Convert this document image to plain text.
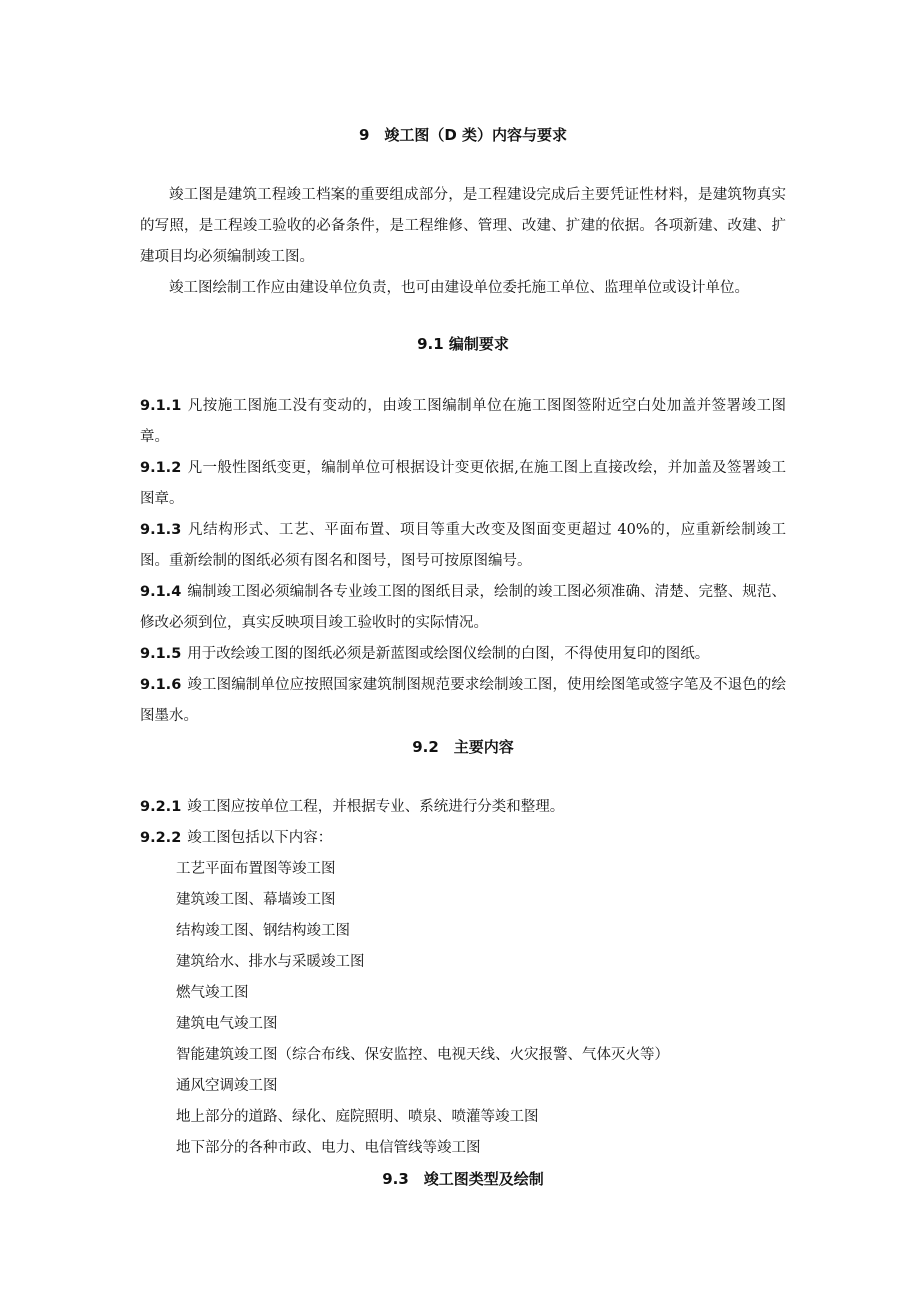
9　竣工图（D 类）内容与要求

竣工图是建筑工程竣工档案的重要组成部分，是工程建设完成后主要凭证性材料，是建筑物真实的写照，是工程竣工验收的必备条件，是工程维修、管理、改建、扩建的依据。各项新建、改建、扩建项目均必须编制竣工图。

竣工图绘制工作应由建设单位负责，也可由建设单位委托施工单位、监理单位或设计单位。

9.1 编制要求

9.1.1 凡按施工图施工没有变动的，由竣工图编制单位在施工图图签附近空白处加盖并签署竣工图章。

9.1.2 凡一般性图纸变更，编制单位可根据设计变更依据,在施工图上直接改绘，并加盖及签署竣工图章。

9.1.3 凡结构形式、工艺、平面布置、项目等重大改变及图面变更超过 40%的，应重新绘制竣工图。重新绘制的图纸必须有图名和图号，图号可按原图编号。

9.1.4 编制竣工图必须编制各专业竣工图的图纸目录，绘制的竣工图必须准确、清楚、完整、规范、修改必须到位，真实反映项目竣工验收时的实际情况。

9.1.5 用于改绘竣工图的图纸必须是新蓝图或绘图仪绘制的白图，不得使用复印的图纸。

9.1.6 竣工图编制单位应按照国家建筑制图规范要求绘制竣工图，使用绘图笔或签字笔及不退色的绘图墨水。

9.2　主要内容

9.2.1 竣工图应按单位工程，并根据专业、系统进行分类和整理。

9.2.2 竣工图包括以下内容：

工艺平面布置图等竣工图
建筑竣工图、幕墙竣工图
结构竣工图、钢结构竣工图
建筑给水、排水与采暖竣工图
燃气竣工图
建筑电气竣工图
智能建筑竣工图（综合布线、保安监控、电视天线、火灾报警、气体灭火等）
通风空调竣工图
地上部分的道路、绿化、庭院照明、喷泉、喷灌等竣工图
地下部分的各种市政、电力、电信管线等竣工图
9.3　竣工图类型及绘制
